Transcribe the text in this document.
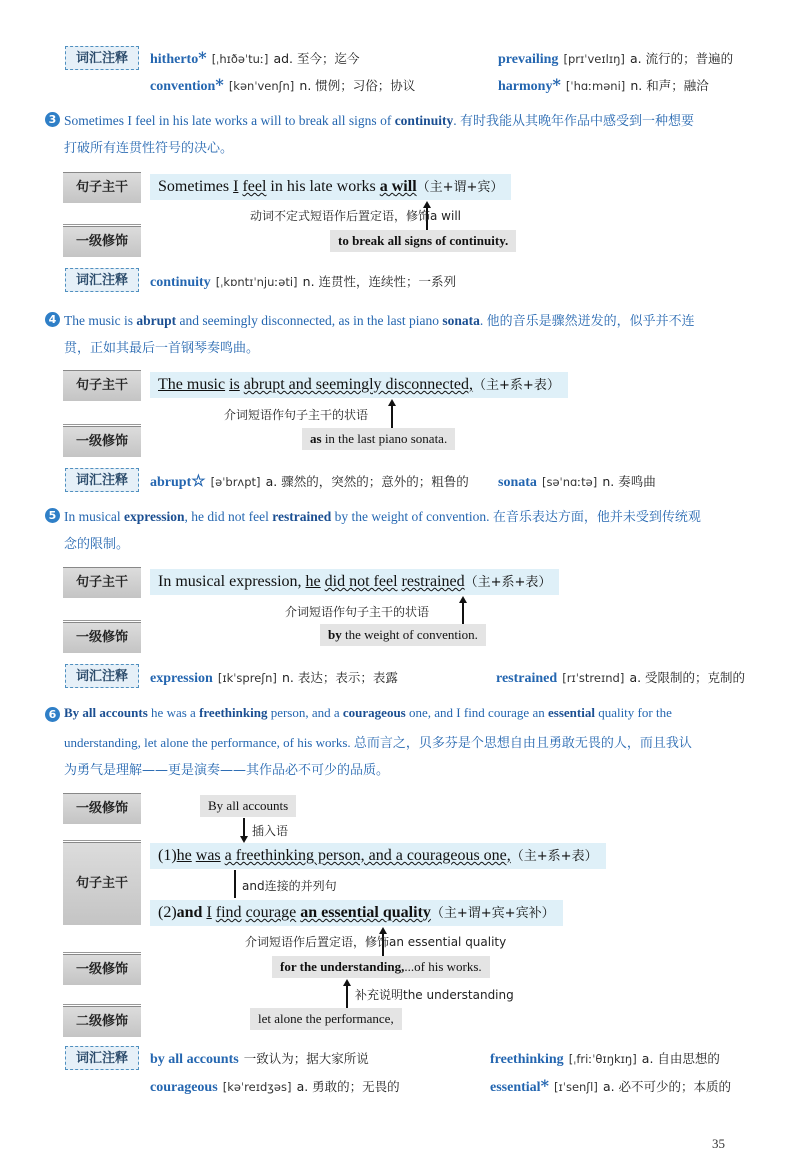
词汇注释	hitherto* [ˌhɪðəˈtuː] ad. 至今；迄今	prevailing [prɪˈveɪlɪŋ] a. 流行的；普遍的
convention* [kənˈvenʃn] n. 惯例；习俗；协议	harmony* [ˈhɑːməni] n. 和声；融洽
3 Sometimes I feel in his late works a will to break all signs of continuity. 有时我能从其晚年作品中感受到一种想要
打破所有连贯性符号的决心。
句子主干	Sometimes I feel in his late works a will（主+谓+宾）
动词不定式短语作后置定语，修饰a will
一级修饰	to break all signs of continuity.
词汇注释	continuity [ˌkɒntɪˈnjuːəti] n. 连贯性，连续性；一系列
4 The music is abrupt and seemingly disconnected, as in the last piano sonata. 他的音乐是骤然迸发的，似乎并不连
贯，正如其最后一首钢琴奏鸣曲。
句子主干	The music is abrupt and seemingly disconnected,（主+系+表）
介词短语作句子主干的状语
一级修饰	as in the last piano sonata.
词汇注释	abrupt☆ [əˈbrʌpt] a. 骤然的，突然的；意外的；粗鲁的 sonata [səˈnɑːtə] n. 奏鸣曲
5 In musical expression, he did not feel restrained by the weight of convention. 在音乐表达方面，他并未受到传统观
念的限制。
句子主干	In musical expression, he did not feel restrained（主+系+表）
介词短语作句子主干的状语
一级修饰	by the weight of convention.
词汇注释	expression [ɪkˈspreʃn] n. 表达；表示；表露	restrained [rɪˈstreɪnd] a. 受限制的；克制的
6 By all accounts he was a freethinking person, and a courageous one, and I find courage an essential quality for the
understanding, let alone the performance, of his works. 总而言之，贝多芬是个思想自由且勇敢无畏的人，而且我认
为勇气是理解——更是演奏——其作品必不可少的品质。
一级修饰	By all accounts
插入语
句子主干
(1)he was a freethinking person, and a courageous one,（主+系+表）
and连接的并列句
(2)and I find courage an essential quality（主+谓+宾+宾补）
介词短语作后置定语，修饰an essential quality
一级修饰	for the understanding,...of his works.
补充说明the understanding
二级修饰	let alone the performance,
词汇注释	by all accounts 一致认为；据大家所说	freethinking [ˌfriːˈθɪŋkɪŋ] a. 自由思想的
courageous [kəˈreɪdʒəs] a. 勇敢的；无畏的	essential* [ɪˈsenʃl] a. 必不可少的；本质的
35
